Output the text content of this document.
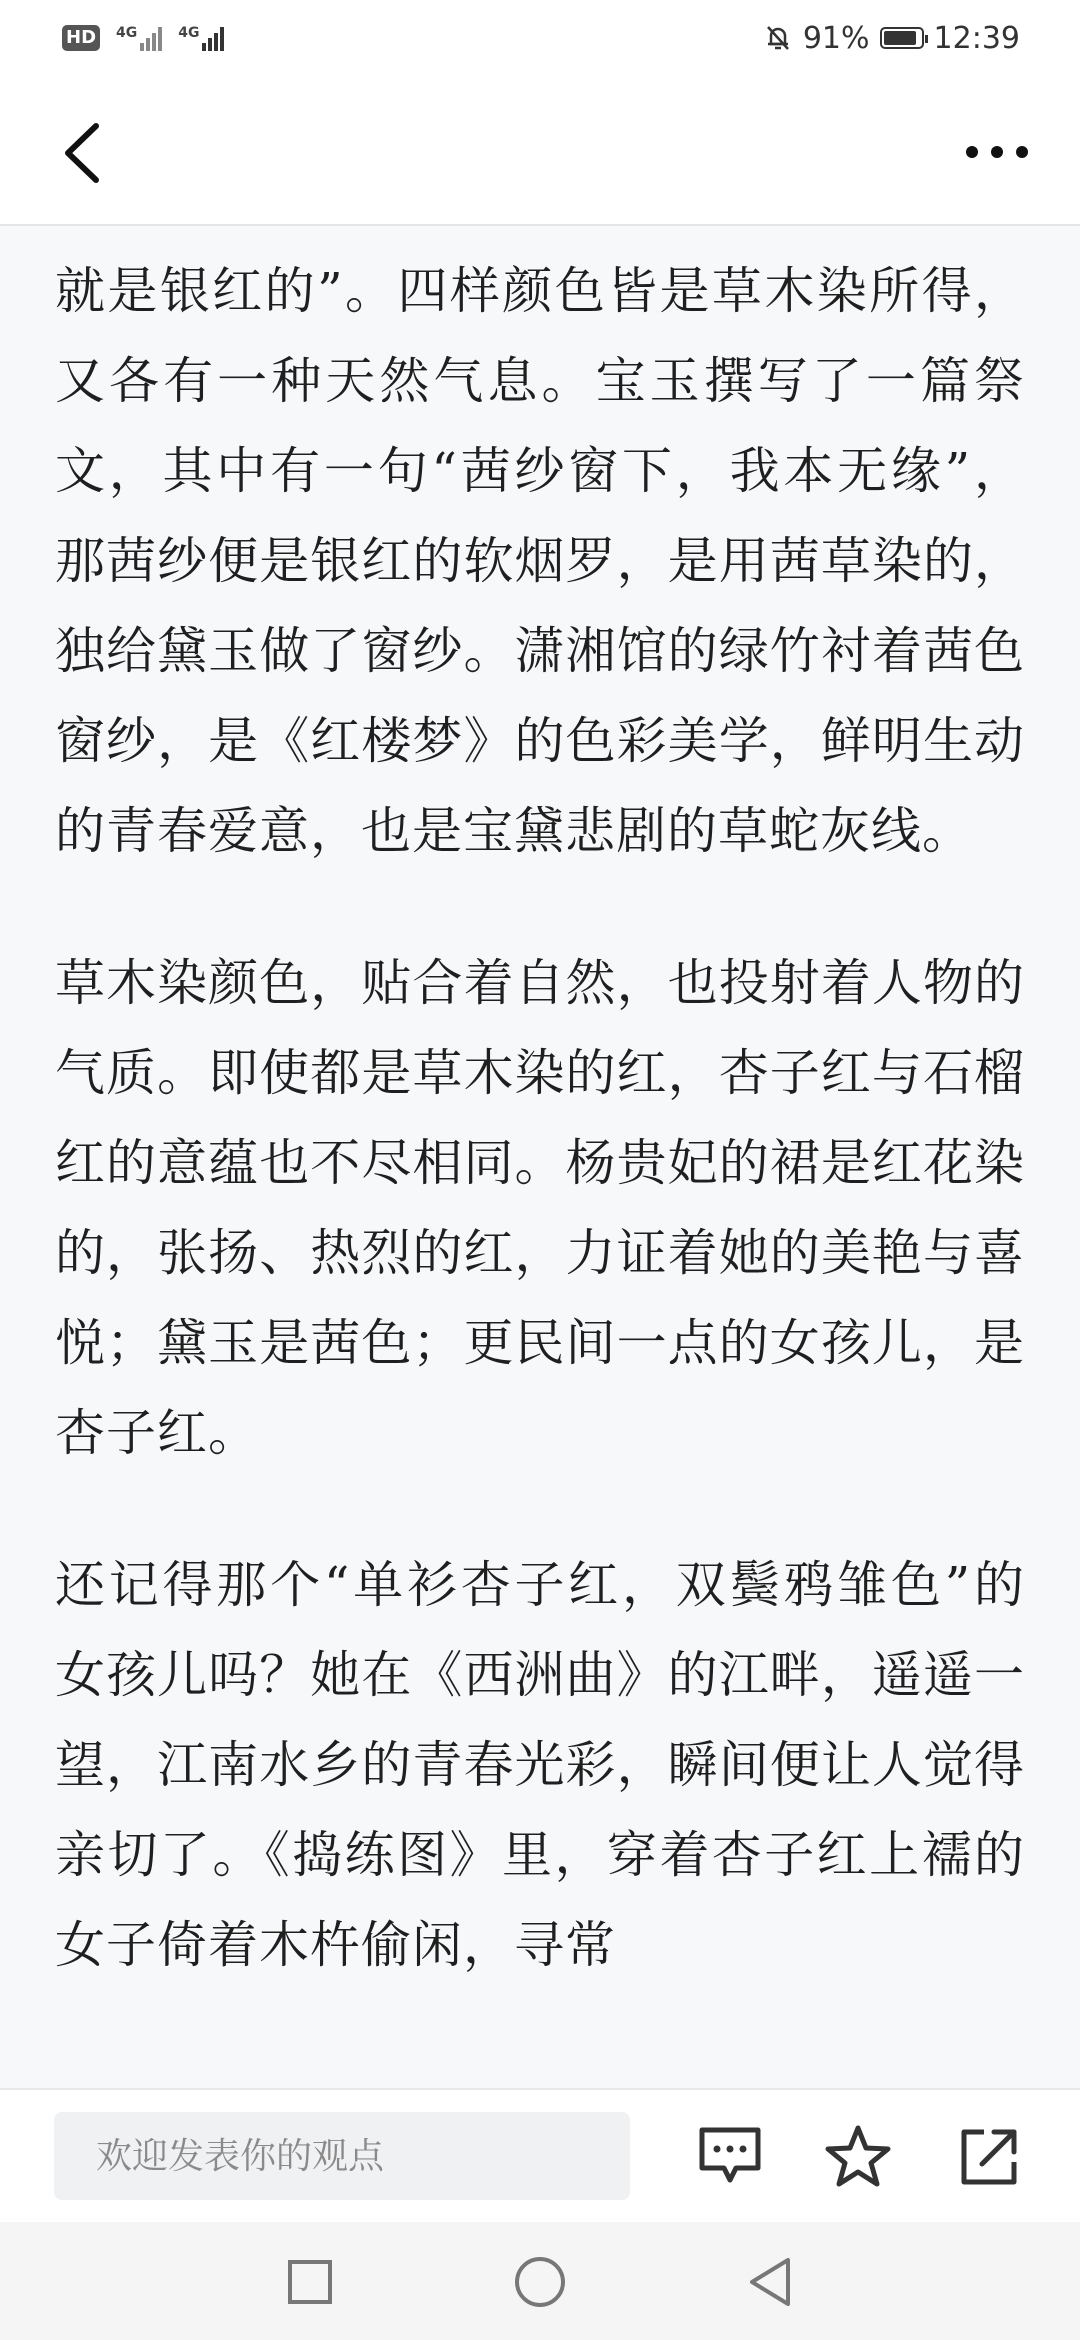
HD 4G	4G	91% 12:39

就是银红的”。四样颜色皆是草木染所得，又各有一种天然气息。宝玉撰写了一篇祭文，其中有一句“茜纱窗下，我本无缘”，那茜纱便是银红的软烟罗，是用茜草染的，独给黛玉做了窗纱。潇湘馆的绿竹衬着茜色窗纱，是《红楼梦》的色彩美学，鲜明生动的青春爱意，也是宝黛悲剧的草蛇灰线。

草木染颜色，贴合着自然，也投射着人物的气质。即使都是草木染的红，杏子红与石榴红的意蕴也不尽相同。杨贵妃的裙是红花染的，张扬、热烈的红，力证着她的美艳与喜悦；黛玉是茜色；更民间一点的女孩儿，是杏子红。

还记得那个“单衫杏子红，双鬓鸦雏色”的女孩儿吗？她在《西洲曲》的江畔，遥遥一望，江南水乡的青春光彩，瞬间便让人觉得亲切了。《捣练图》里，穿着杏子红上襦的女子倚着木杵偷闲，寻常

欢迎发表你的观点
